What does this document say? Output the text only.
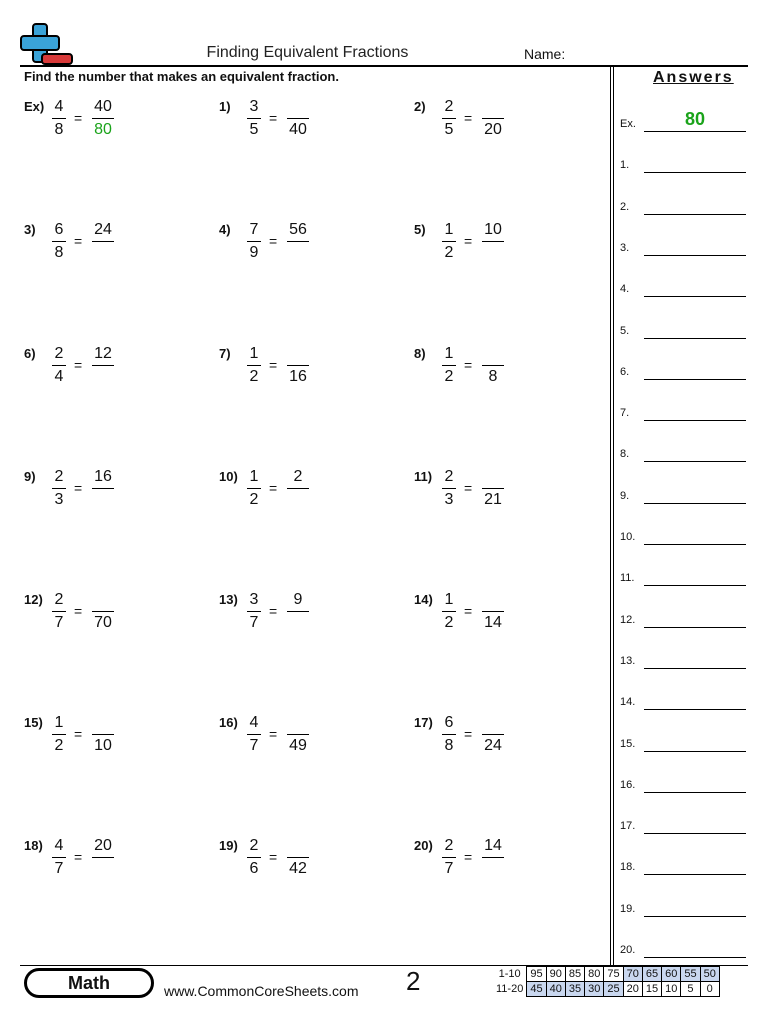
Finding Equivalent Fractions	Name:
Find the number that makes an equivalent fraction.
Ex) 4
8
=
40
80
1) 3
5
=
40
2) 2
5
=
20
3) 6
8
=
24	4) 7
9
=
56	5) 1
2
=
10
6) 2
4
=
12	7) 1
2
=
16
8) 1
2
=
8
9) 2
3
=
16	10) 1
2
=
2	11) 2
3
=
21
12) 2
7
=
70
13) 3
7
=
9	14) 1
2
=
14
15) 1
2
=
10
16) 4
7
=
49
17) 6
8
=
24
18) 4
7
=
20	19) 2
6
=
42
20) 2
7
=
14
Answers
Ex.	80
1.
2.
3.
4.
5.
6.
7.
8.
9.
10.
11.
12.
13.
14.
15.
16.
17.
18.
19.
20.
Math	www.CommonCoreSheets.com 2	1-10	95	90	85	80	75	70	65	60	55	50
11-20	45	40	35	30	25	20	15	10	5	0
